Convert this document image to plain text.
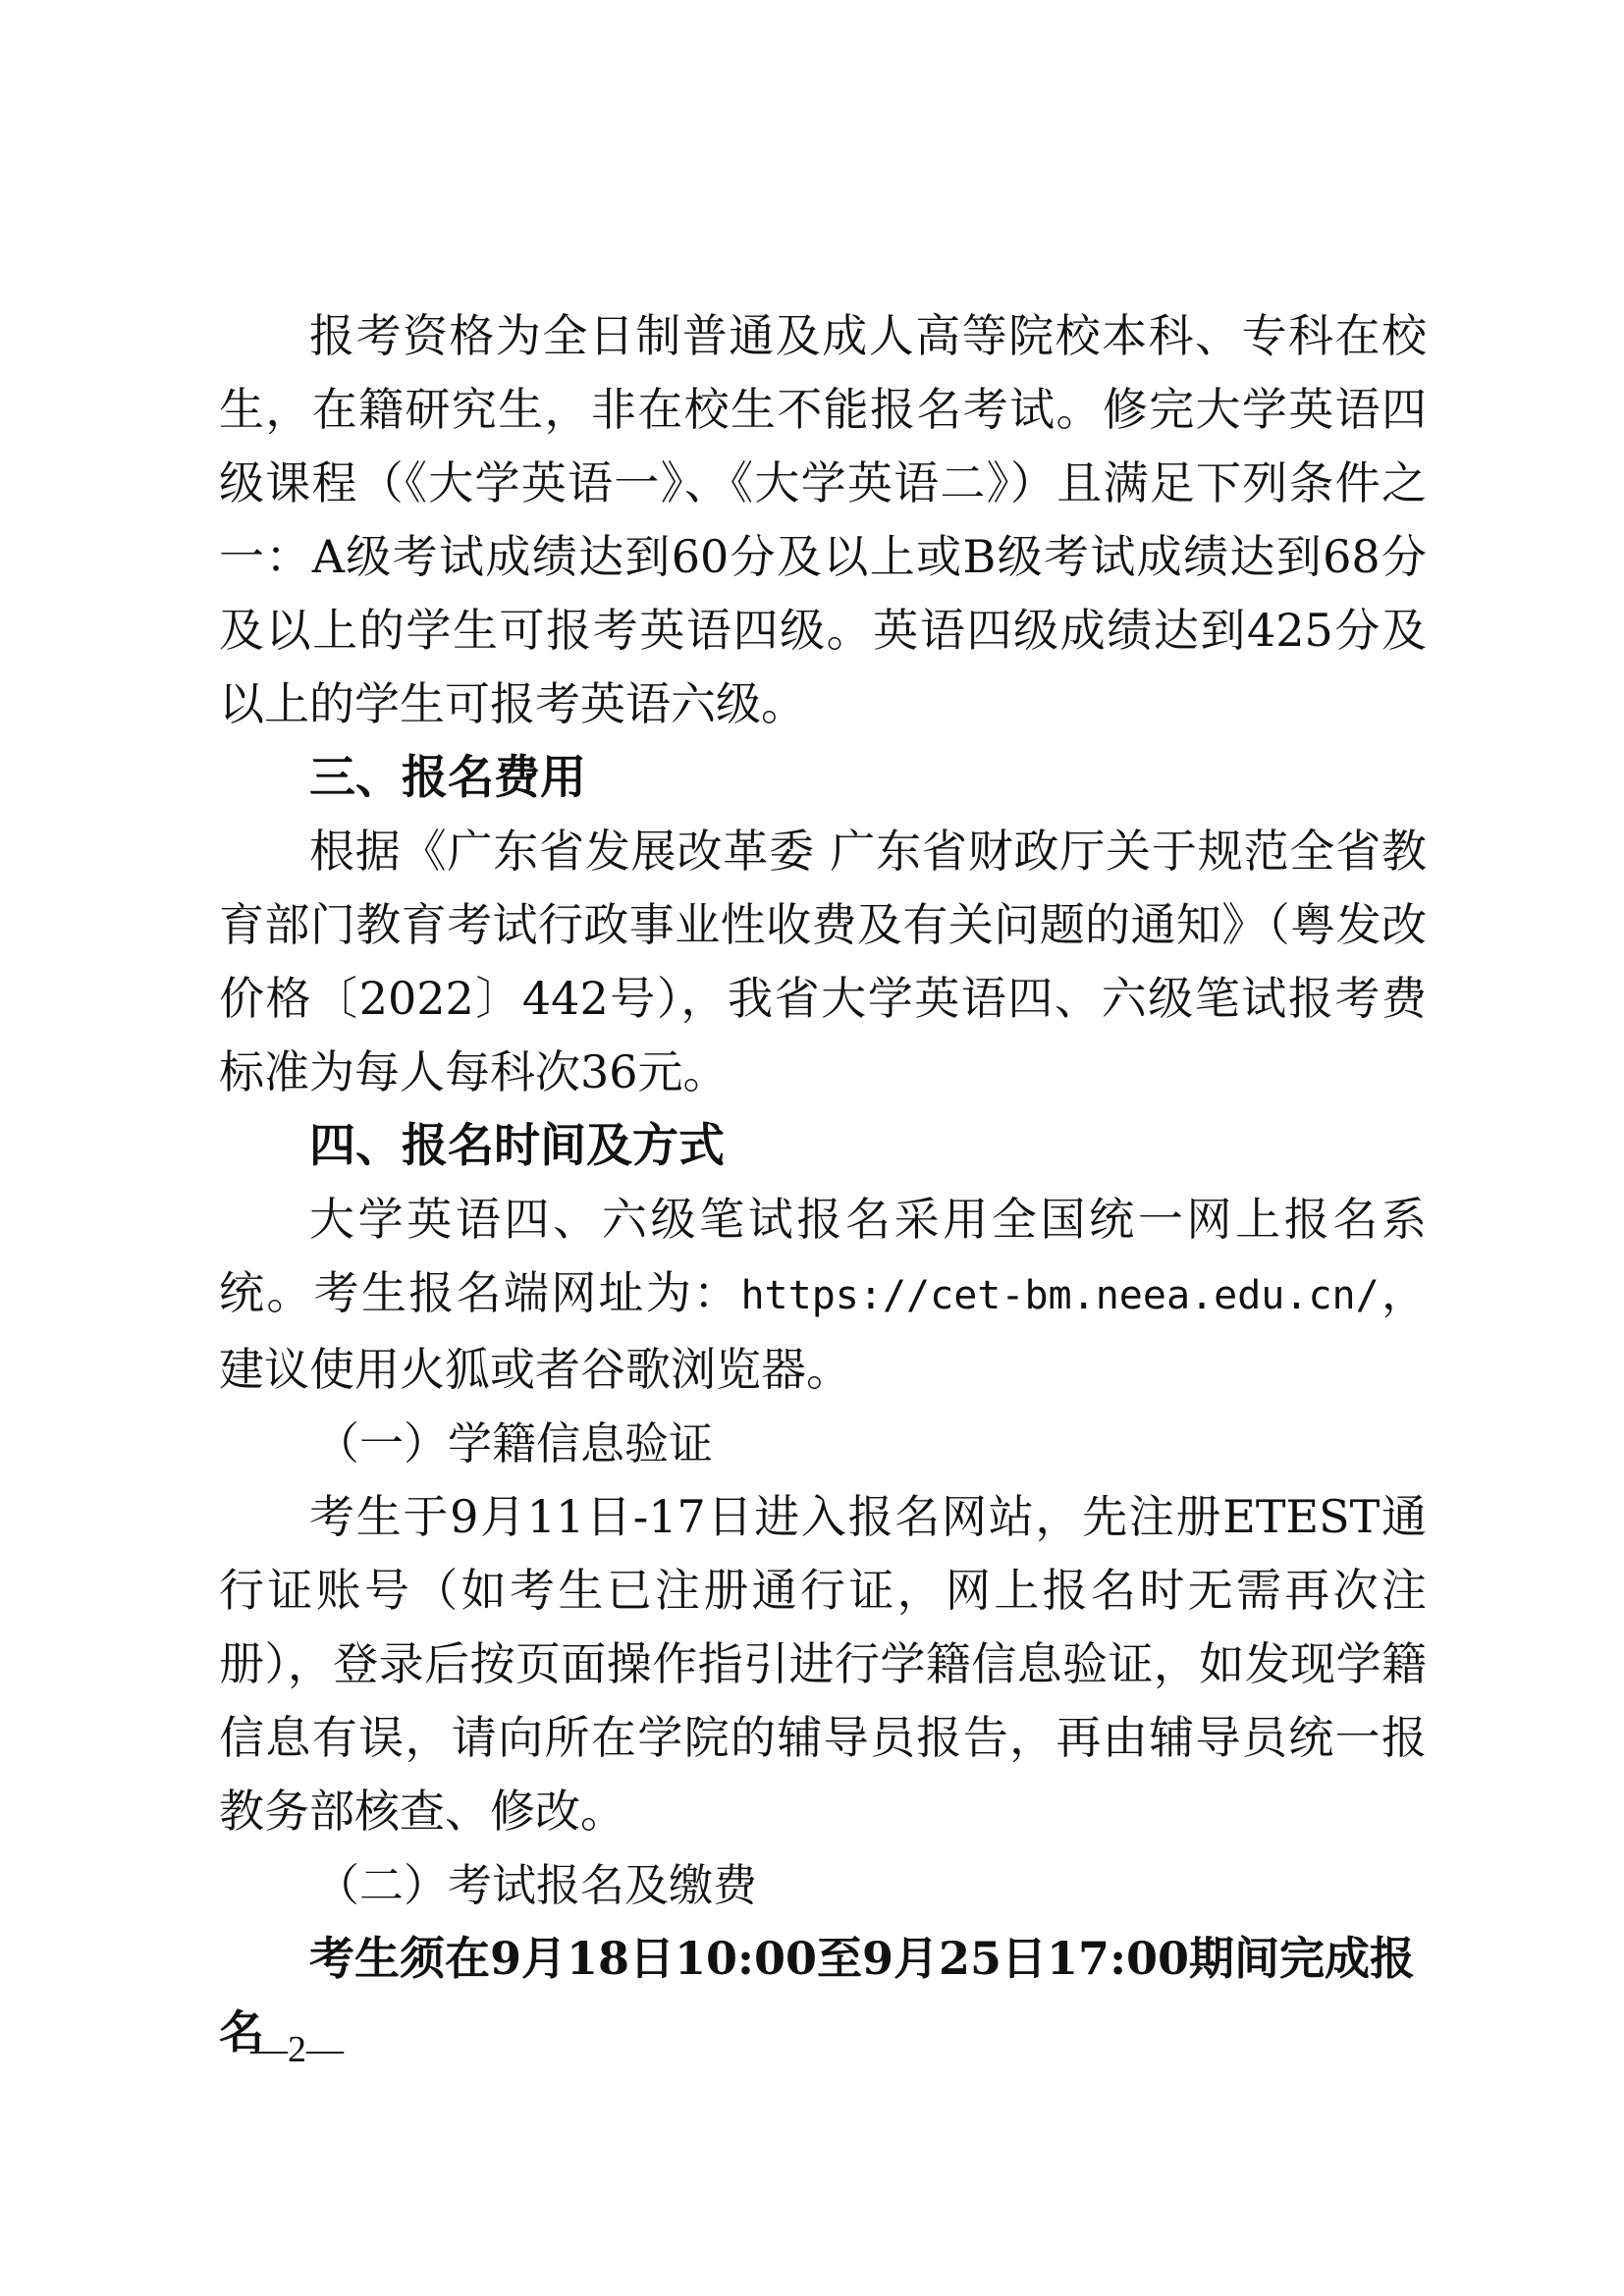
报考资格为全日制普通及成人高等院校本科、专科在校生，在籍研究生，非在校生不能报名考试。修完大学英语四级课程（《大学英语一》、《大学英语二》）且满足下列条件之一：A级考试成绩达到60分及以上或B级考试成绩达到68分及以上的学生可报考英语四级。英语四级成绩达到425分及以上的学生可报考英语六级。

三、报名费用

根据《广东省发展改革委 广东省财政厅关于规范全省教育部门教育考试行政事业性收费及有关问题的通知》（粤发改价格〔2022〕442号），我省大学英语四、六级笔试报考费标准为每人每科次36元。

四、报名时间及方式

大学英语四、六级笔试报名采用全国统一网上报名系统。考生报名端网址为：https://cet-bm.neea.edu.cn/，建议使用火狐或者谷歌浏览器。

（一）学籍信息验证

考生于9月11日-17日进入报名网站，先注册ETEST通行证账号（如考生已注册通行证，网上报名时无需再次注册），登录后按页面操作指引进行学籍信息验证，如发现学籍信息有误，请向所在学院的辅导员报告，再由辅导员统一报教务部核查、修改。

（二）考试报名及缴费

考生须在9月18日10:00至9月25日17:00期间完成报名

—2—
